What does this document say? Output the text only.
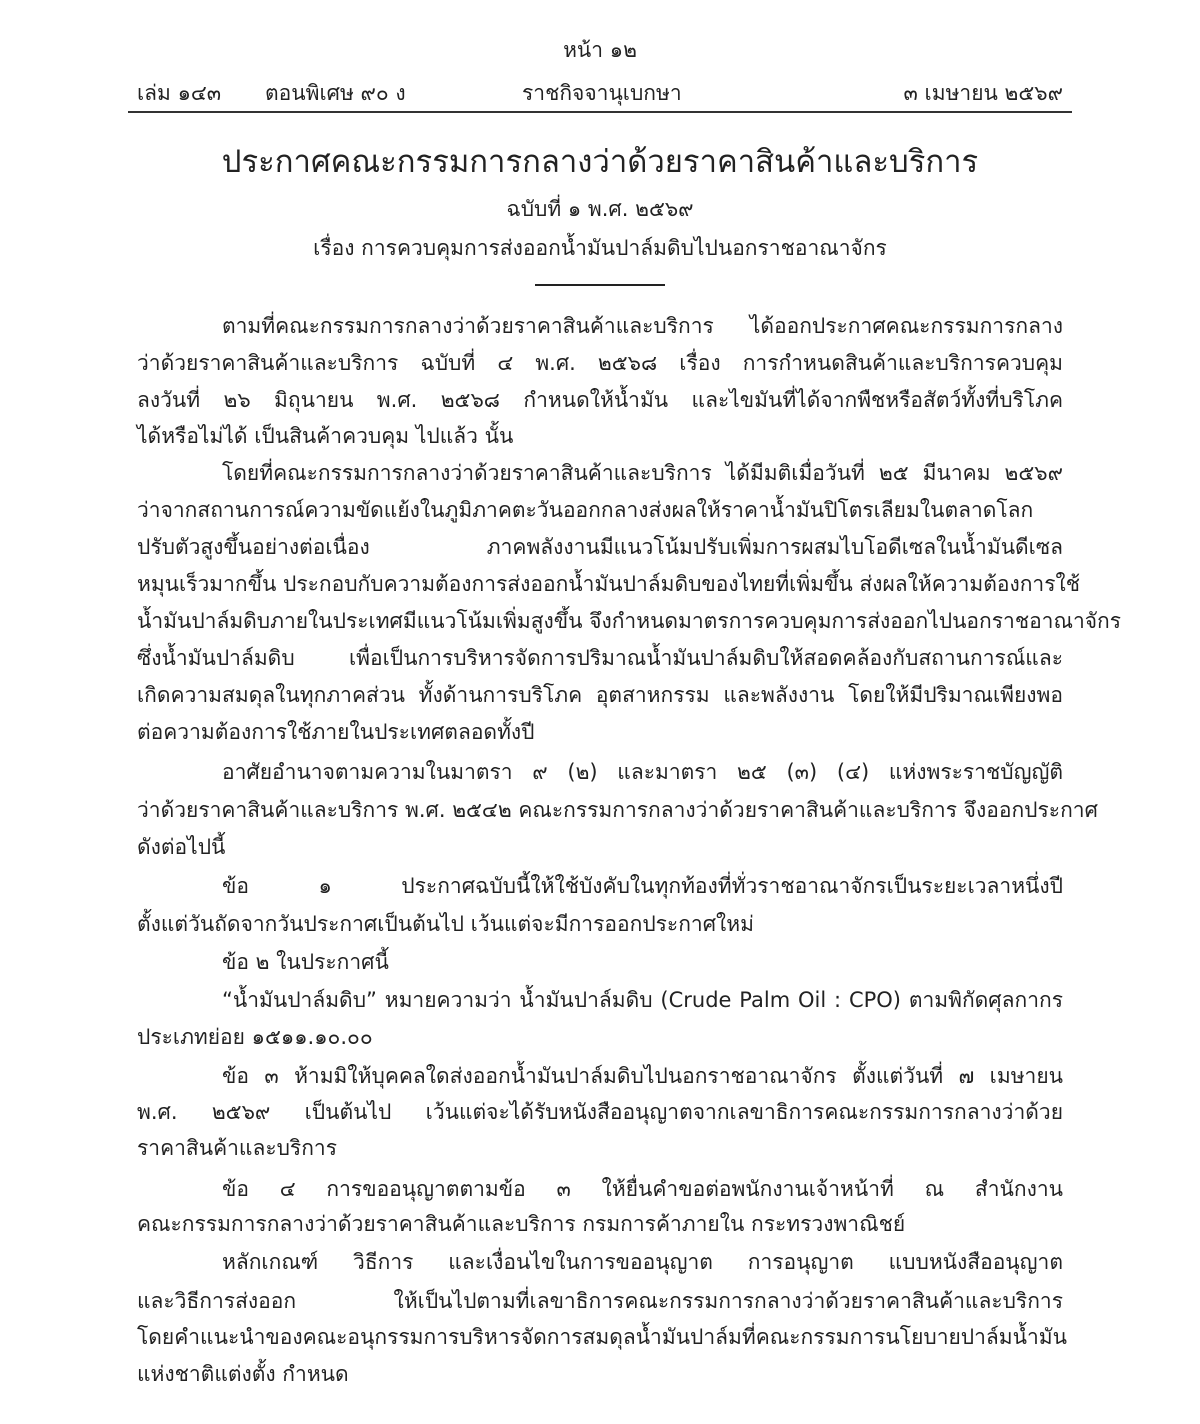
หน้า ๑๒
เล่ม ๑๔๓	ตอนพิเศษ ๙๐ ง	ราชกิจจานุเบกษา	๓ เมษายน ๒๕๖๙
ประกาศคณะกรรมการกลางว่าด้วยราคาสินค้าและบริการ
ฉบับที่ ๑ พ.ศ. ๒๕๖๙
เรื่อง การควบคุมการส่งออกน้ำมันปาล์มดิบไปนอกราชอาณาจักร
ตามที่คณะกรรมการกลางว่าด้วยราคาสินค้าและบริการ ได้ออกประกาศคณะกรรมการกลาง
ว่าด้วยราคาสินค้าและบริการ ฉบับที่ ๔ พ.ศ. ๒๕๖๘ เรื่อง การกำหนดสินค้าและบริการควบคุม
ลงวันที่ ๒๖ มิถุนายน พ.ศ. ๒๕๖๘ กำหนดให้น้ำมัน และไขมันที่ได้จากพืชหรือสัตว์ทั้งที่บริโภค
ได้หรือไม่ได้ เป็นสินค้าควบคุม ไปแล้ว นั้น
โดยที่คณะกรรมการกลางว่าด้วยราคาสินค้าและบริการ ได้มีมติเมื่อวันที่ ๒๕ มีนาคม ๒๕๖๙
ว่าจากสถานการณ์ความขัดแย้งในภูมิภาคตะวันออกกลางส่งผลให้ราคาน้ำมันปิโตรเลียมในตลาดโลก
ปรับตัวสูงขึ้นอย่างต่อเนื่อง ภาคพลังงานมีแนวโน้มปรับเพิ่มการผสมไบโอดีเซลในน้ำมันดีเซล
หมุนเร็วมากขึ้น ประกอบกับความต้องการส่งออกน้ำมันปาล์มดิบของไทยที่เพิ่มขึ้น ส่งผลให้ความต้องการใช้
น้ำมันปาล์มดิบภายในประเทศมีแนวโน้มเพิ่มสูงขึ้น จึงกำหนดมาตรการควบคุมการส่งออกไปนอกราชอาณาจักร
ซึ่งน้ำมันปาล์มดิบ เพื่อเป็นการบริหารจัดการปริมาณน้ำมันปาล์มดิบให้สอดคล้องกับสถานการณ์และ
เกิดความสมดุลในทุกภาคส่วน ทั้งด้านการบริโภค อุตสาหกรรม และพลังงาน โดยให้มีปริมาณเพียงพอ
ต่อความต้องการใช้ภายในประเทศตลอดทั้งปี
อาศัยอำนาจตามความในมาตรา ๙ (๒) และมาตรา ๒๕ (๓) (๔) แห่งพระราชบัญญัติ
ว่าด้วยราคาสินค้าและบริการ พ.ศ. ๒๕๔๒ คณะกรรมการกลางว่าด้วยราคาสินค้าและบริการ จึงออกประกาศ
ดังต่อไปนี้
ข้อ ๑ ประกาศฉบับนี้ให้ใช้บังคับในทุกท้องที่ทั่วราชอาณาจักรเป็นระยะเวลาหนึ่งปี
ตั้งแต่วันถัดจากวันประกาศเป็นต้นไป เว้นแต่จะมีการออกประกาศใหม่
ข้อ ๒ ในประกาศนี้
“น้ำมันปาล์มดิบ” หมายความว่า น้ำมันปาล์มดิบ (Crude Palm Oil : CPO) ตามพิกัดศุลกากร
ประเภทย่อย ๑๕๑๑.๑๐.๐๐
ข้อ ๓ ห้ามมิให้บุคคลใดส่งออกน้ำมันปาล์มดิบไปนอกราชอาณาจักร ตั้งแต่วันที่ ๗ เมษายน
พ.ศ. ๒๕๖๙ เป็นต้นไป เว้นแต่จะได้รับหนังสืออนุญาตจากเลขาธิการคณะกรรมการกลางว่าด้วย
ราคาสินค้าและบริการ
ข้อ ๔ การขออนุญาตตามข้อ ๓ ให้ยื่นคำขอต่อพนักงานเจ้าหน้าที่ ณ สำนักงาน
คณะกรรมการกลางว่าด้วยราคาสินค้าและบริการ กรมการค้าภายใน กระทรวงพาณิชย์
หลักเกณฑ์ วิธีการ และเงื่อนไขในการขออนุญาต การอนุญาต แบบหนังสืออนุญาต
และวิธีการส่งออก ให้เป็นไปตามที่เลขาธิการคณะกรรมการกลางว่าด้วยราคาสินค้าและบริการ
โดยคำแนะนำของคณะอนุกรรมการบริหารจัดการสมดุลน้ำมันปาล์มที่คณะกรรมการนโยบายปาล์มน้ำมัน
แห่งชาติแต่งตั้ง กำหนด
